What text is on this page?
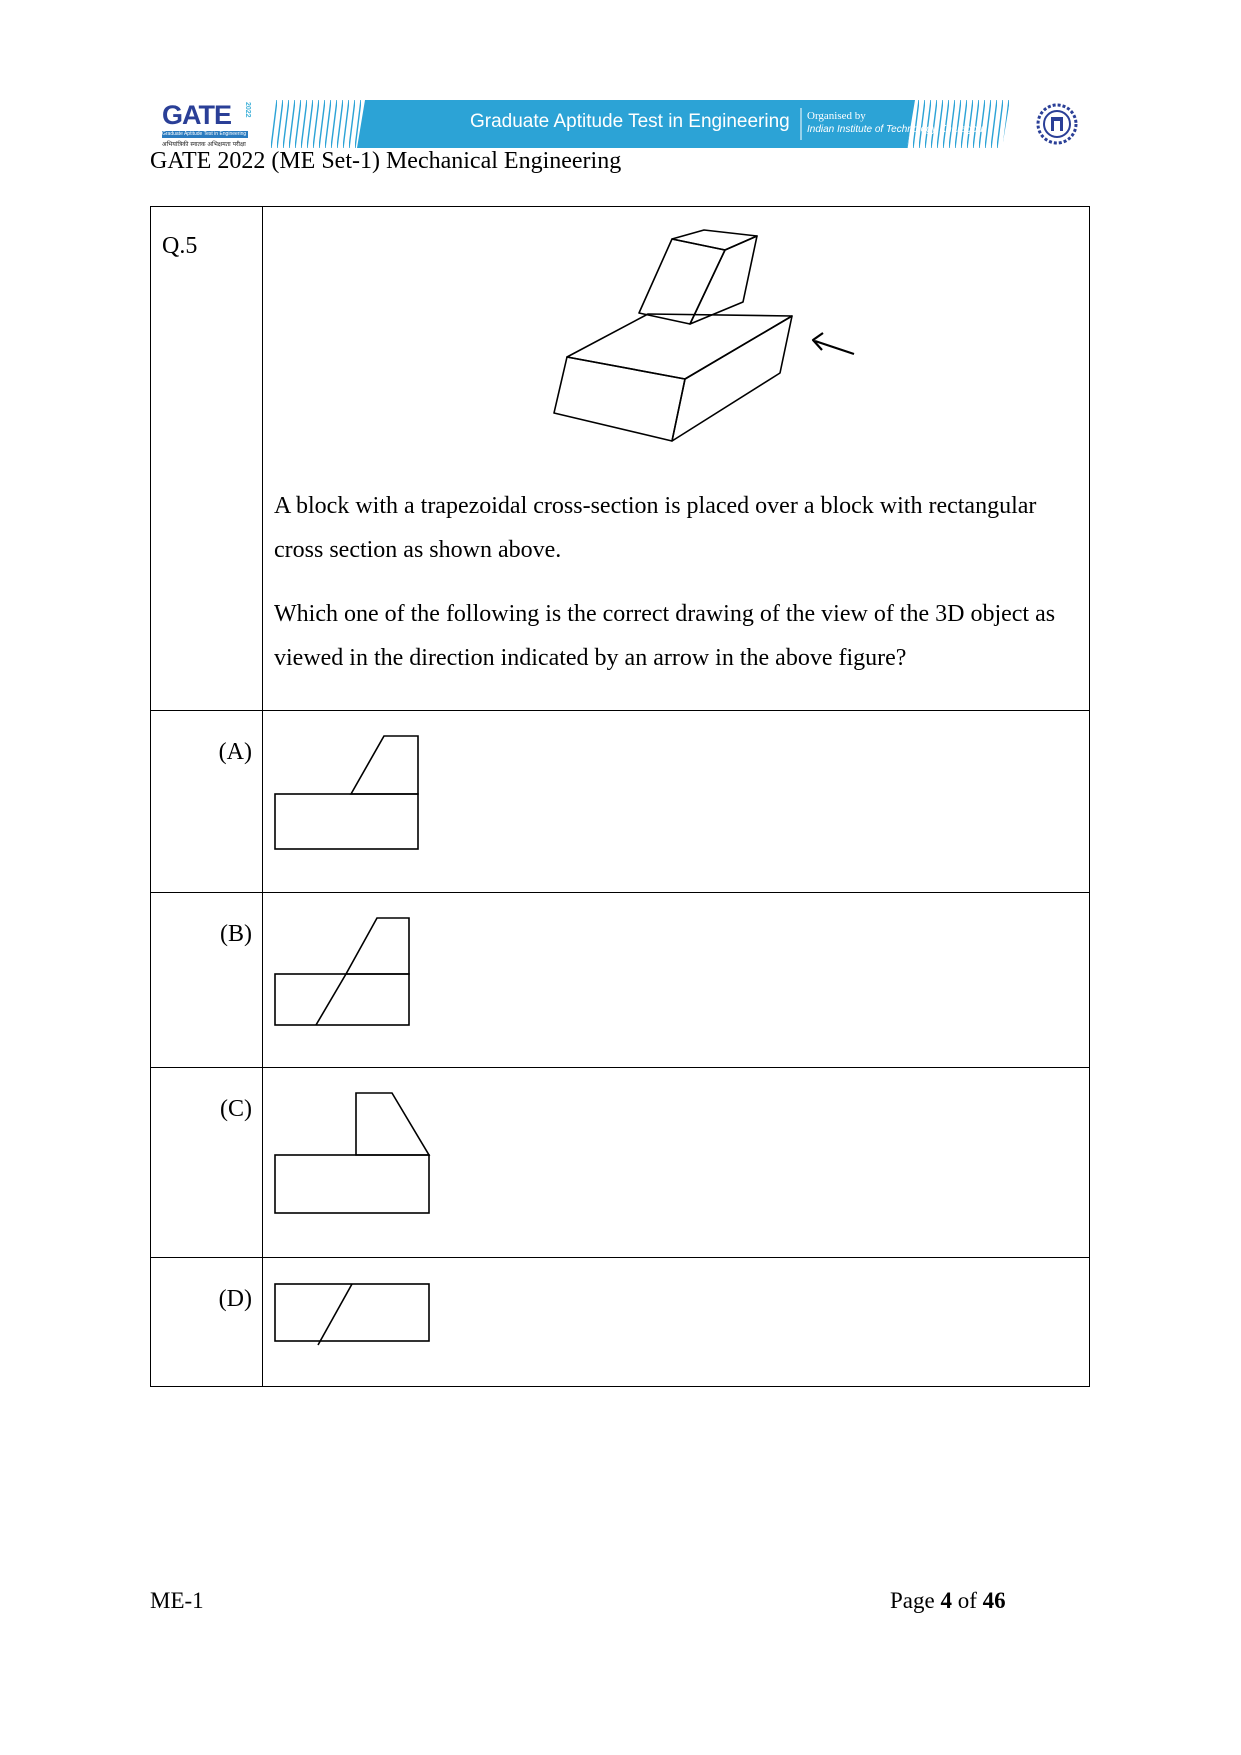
GATE 2022
Graduate Aptitude Test in Engineering
अभियांत्रिकी स्नातक अभिक्षमता परीक्षा
Graduate Aptitude Test in Engineering Organised by
Indian Institute of Technology Kharagpur
GATE 2022 (ME Set-1) Mechanical Engineering
Q.5	A block with a trapezoidal cross-section is placed over a block with rectangular cross section as shown above.

Which one of the following is the correct drawing of the view of the 3D object as viewed in the direction indicated by an arrow in the above figure?

(A)

(B)

(C)

(D)

ME-1	Page 4 of 46
